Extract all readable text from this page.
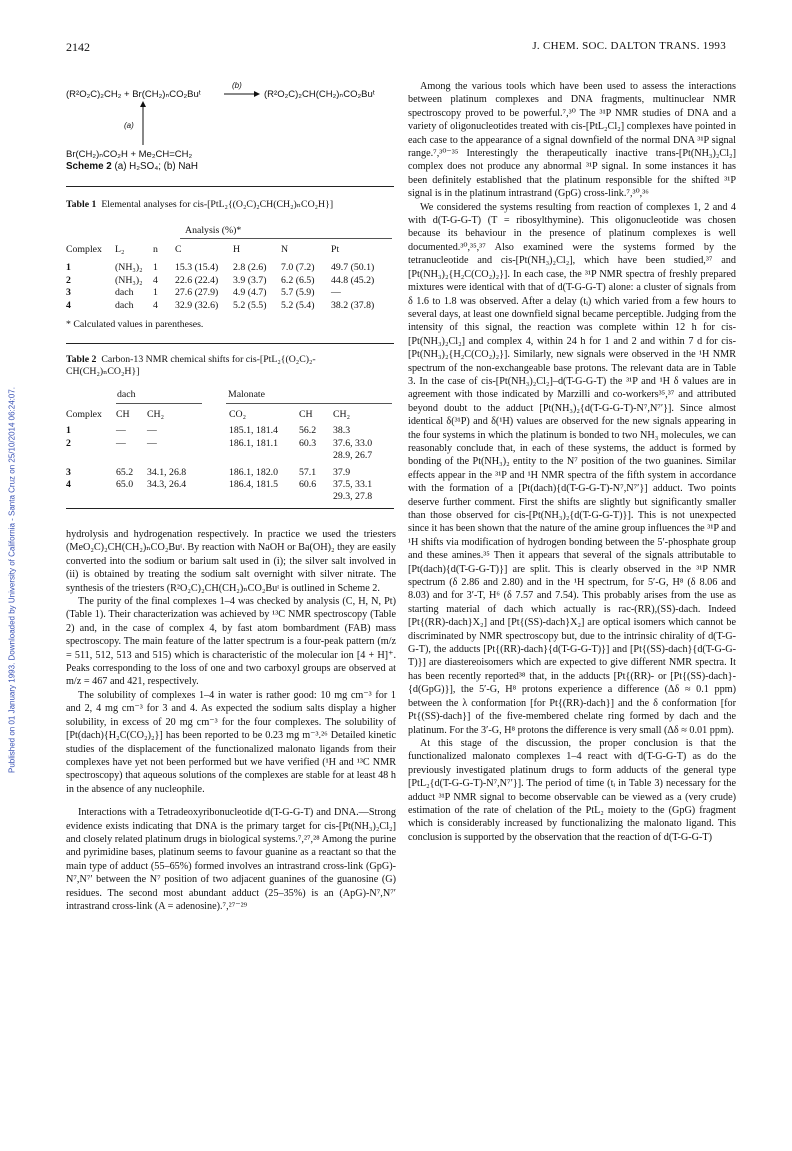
2142	J. CHEM. SOC. DALTON TRANS. 1993
Published on 01 January 1993. Downloaded by University of California - Santa Cruz on 25/10/2014 06:24:07.
(R²O₂C)₂CH₂ + Br(CH₂)ₙCO₂Buᵗ
(b)
(R²O₂C)₂CH(CH₂)ₙCO₂Buᵗ
(a)
Br(CH₂)ₙCO₂H + Me₂CH=CH₂
Scheme 2 (a) H₂SO₄; (b) NaH
Table 1 Elemental analyses for cis-[PtL₂{(O₂C)₂CH(CH₂)ₙCO₂H}]
Analysis (%)*
Complex	L₂	n	C	H	N	Pt

1	(NH₃)₂	1	15.3 (15.4)	2.8 (2.6)	7.0 (7.2)	49.7 (50.1)
2	(NH₃)₂	4	22.6 (22.4)	3.9 (3.7)	6.2 (6.5)	44.8 (45.2)
3	dach	1	27.6 (27.9)	4.9 (4.7)	5.7 (5.9)	—
4	dach	4	32.9 (32.6)	5.2 (5.5)	5.2 (5.4)	38.2 (37.8)
* Calculated values in parentheses.
Table 2 Carbon-13 NMR chemical shifts for cis-[PtL₂{(O₂C)₂-
CH(CH₂)ₙCO₂H}]
dach	Malonate
Complex	CH	CH₂	CO₂	CH	CH₂

1	—	—	185.1, 181.4	56.2	38.3
2	—	—	186.1, 181.1	60.3	37.6, 33.0
					28.9, 26.7
3	65.2	34.1, 26.8	186.1, 182.0	57.1	37.9
4	65.0	34.3, 26.4	186.4, 181.5	60.6	37.5, 33.1
					29.3, 27.8

hydrolysis and hydrogenation respectively. In practice we used the triesters (MeO₂C)₂CH(CH₂)ₙCO₂Buᵗ. By reaction with NaOH or Ba(OH)₂ they are easily converted into the sodium or barium salt used in (i); the silver salt involved in (ii) is obtained by treating the sodium salt overnight with silver nitrate. The synthesis of the triesters (R²O₂C)₂CH(CH₂)ₙCO₂Buᵗ is outlined in Scheme 2.

The purity of the final complexes 1–4 was checked by analysis (C, H, N, Pt) (Table 1). Their characterization was achieved by ¹³C NMR spectroscopy (Table 2) and, in the case of complex 4, by fast atom bombardment (FAB) mass spectroscopy. The main feature of the latter spectrum is a four-peak pattern (m/z = 511, 512, 513 and 515) which is characteristic of the molecular ion [4 + H]⁺. Peaks corresponding to the loss of one and two carboxyl groups are observed at m/z = 467 and 421, respectively.

The solubility of complexes 1–4 in water is rather good: 10 mg cm⁻³ for 1 and 2, 4 mg cm⁻³ for 3 and 4. As expected the sodium salts display a higher solubility, in excess of 20 mg cm⁻³ for the four complexes. The solubility of [Pt(dach){H₂C(CO₂)₂}] has been reported to be 0.23 mg m⁻³.²⁶ Detailed kinetic studies of the displacement of the functionalized malonato ligands from their complexes have yet not been performed but we have verified (¹H and ¹³C NMR spectroscopy) that aqueous solutions of the complexes are stable for at least 48 h in the absence of any nucleophile.

Interactions with a Tetradeoxyribonucleotide d(T-G-G-T) and DNA.—Strong evidence exists indicating that DNA is the primary target for cis-[Pt(NH₃)₂Cl₂] and closely related platinum drugs in biological systems.⁷,²⁷,²⁸ Among the purine and pyrimidine bases, platinum seems to favour guanine as a reactant so that the main type of adduct (55–65%) formed involves an intrastrand cross-link (GpG)-N⁷,N⁷′ between the N⁷ position of two adjacent guanines of the guanosine (G) residues. The second most abundant adduct (25–35%) is an (ApG)-N⁷,N⁷′ intrastrand cross-link (A = adenosine).⁷,²⁷⁻²⁹

Among the various tools which have been used to assess the interactions between platinum complexes and DNA fragments, multinuclear NMR spectroscopy proved to be powerful.⁷,³⁰ The ³¹P NMR studies of DNA and a variety of oligonucleotides treated with cis-[PtL₂Cl₂] complexes have pointed in each case to the appearance of a signal downfield of the normal DNA ³¹P signal range.⁷,³⁰⁻³⁵ Interestingly the therapeutically inactive trans-[Pt(NH₃)₂Cl₂] complex does not produce any abnormal ³¹P signal. In some instances it has been definitely established that the platinum responsible for the shifted ³¹P signal is in the platinum intrastrand (GpG) cross-link.⁷,³⁰,³⁶

We considered the systems resulting from reaction of complexes 1, 2 and 4 with d(T-G-G-T) (T = ribosylthymine). This oligonucleotide was chosen because its behaviour in the presence of platinum complexes is well documented.³⁰,³⁵,³⁷ Also examined were the systems formed by the tetranucleotide and cis-[Pt(NH₃)₂Cl₂], which have been studied,³⁷ and [Pt(NH₃)₂{H₂C(CO₂)₂}]. In each case, the ³¹P NMR spectra of freshly prepared mixtures were identical with that of d(T-G-G-T) alone: a cluster of signals from δ 1.6 to 1.8 was observed. After a delay (tᵢ) which varied from a few hours to several days, at least one downfield signal became perceptible. Judging from the intensity of this signal, the reaction was complete within 12 h for cis-[Pt(NH₃)₂Cl₂] and complex 4, within 24 h for 1 and 2 and within 7 d for cis-[Pt(NH₃)₂{H₂C(CO₂)₂}]. Similarly, new signals were observed in the ¹H NMR spectrum of the non-exchangeable base protons. The relevant data are in Table 3. In the case of cis-[Pt(NH₃)₂Cl₂]–d(T-G-G-T) the ³¹P and ¹H δ values are in agreement with those indicated by Marzilli and co-workers³⁵,³⁷ and attributed beyond doubt to the adduct [Pt(NH₃)₂{d(T-G-G-T)-N⁷,N⁷′}]. Since almost identical δ(³¹P) and δ(¹H) values are observed for the new signals appearing in the four systems in which the platinum is bonded to two NH₃ molecules, we can reasonably conclude that, in each of these systems, the adduct is formed by bonding of the Pt(NH₃)₂ entity to the N⁷ position of the two guanines. Similar effects appear in the ³¹P and ¹H NMR spectra of the fifth system in accordance with the formation of a [Pt(dach){d(T-G-G-T)-N⁷,N⁷′}] adduct. Two points deserve further comment. First the shifts are slightly but significantly smaller than those observed for cis-[Pt(NH₃)₂{d(T-G-G-T)}]. This is not unexpected since it has been shown that the nature of the amine group influences the ³¹P and ¹H shifts via modification of hydrogen bonding between the 5′-phosphate group and these amines.³⁵ Then it appears that several of the signals attributable to [Pt(dach){d(T-G-G-T)}] are split. This is clearly observed in the ³¹P NMR spectrum (δ 2.86 and 2.80) and in the ¹H spectrum, for 5′-G, H⁸ (δ 8.06 and 8.03) and for 3′-T, H⁶ (δ 7.57 and 7.54). This probably arises from the use as starting material of dach which actually is rac-(RR),(SS)-dach. Indeed [Pt{(RR)-dach}X₂] and [Pt{(SS)-dach}X₂] are optical isomers which cannot be discriminated by NMR spectroscopy but, due to the intrinsic chirality of d(T-G-G-T), the adducts [Pt{(RR)-dach}{d(T-G-G-T)}] and [Pt{(SS)-dach}{d(T-G-G-T)}] are diastereoisomers which are expected to give different NMR spectra. It has been recently reported³⁸ that, in the adducts [Pt{(RR)- or [Pt{(SS)-dach}-{d(GpG)}], the 5′-G, H⁸ protons experience a difference (Δδ ≈ 0.1 ppm) between the λ conformation [for Pt{(RR)-dach}] and the δ conformation [for Pt{(SS)-dach}] of the five-membered chelate ring formed by dach and the platinum. For the 3′-G, H⁸ protons the difference is very small (Δδ ≈ 0.01 ppm).

At this stage of the discussion, the proper conclusion is that the functionalized malonato complexes 1–4 react with d(T-G-G-T) as do the previously investigated platinum drugs to form adducts of the general type [PtL₂{d(T-G-G-T)-N⁷,N⁷′}]. The period of time (tᵢ in Table 3) necessary for the adduct ³¹P NMR signal to become observable can be viewed as a (very crude) estimation of the rate of chelation of the PtL₂ moiety to the (GpG) fragment which is considerably increased by functionalizing the malonato ligand. This conclusion is supported by the observation that the reaction of d(T-G-G-T)
